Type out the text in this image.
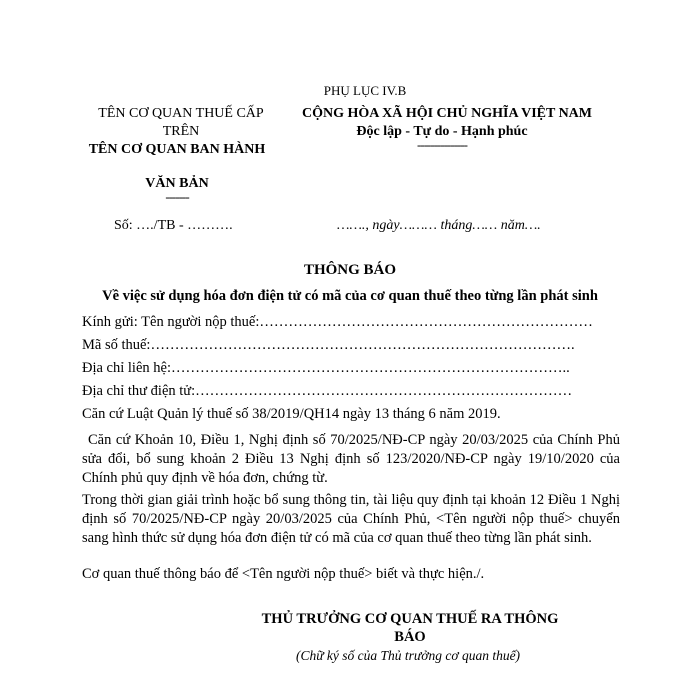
PHỤ LỤC IV.B
TÊN CƠ QUAN THUẾ CẤP
TRÊN
TÊN CƠ QUAN BAN HÀNH
VĂN BẢN
-------
Số: …./TB - ……….
CỘNG HÒA XÃ HỘI CHỦ NGHĨA VIỆT NAM
Độc lập - Tự do - Hạnh phúc
---------------
……., ngày……… tháng…… năm….
THÔNG BÁO
Về việc sử dụng hóa đơn điện tử có mã của cơ quan thuế theo từng lần phát sinh
Kính gửi: Tên người nộp thuế:……………………………………………………………
Mã số thuế:…………………………………………………………………………….
Địa chỉ liên hệ:………………………………………………………………………..
Địa chỉ thư điện tử:……………………………………………………………………
Căn cứ Luật Quản lý thuế số 38/2019/QH14 ngày 13 tháng 6 năm 2019.
Căn cứ Khoản 10, Điều 1, Nghị định số 70/2025/NĐ-CP ngày 20/03/2025 của Chính Phủ sửa đổi, bổ sung khoản 2 Điều 13 Nghị định số 123/2020/NĐ-CP ngày 19/10/2020 của Chính phủ quy định về hóa đơn, chứng từ.
Trong thời gian giải trình hoặc bổ sung thông tin, tài liệu quy định tại khoản 12 Điều 1 Nghị định số 70/2025/NĐ-CP ngày 20/03/2025 của Chính Phủ, <Tên người nộp thuế> chuyển sang hình thức sử dụng hóa đơn điện tử có mã của cơ quan thuế theo từng lần phát sinh.
Cơ quan thuế thông báo để <Tên người nộp thuế> biết và thực hiện./.
THỦ TRƯỞNG CƠ QUAN THUẾ RA THÔNG
BÁO
(Chữ ký số của Thủ trưởng cơ quan thuế)
